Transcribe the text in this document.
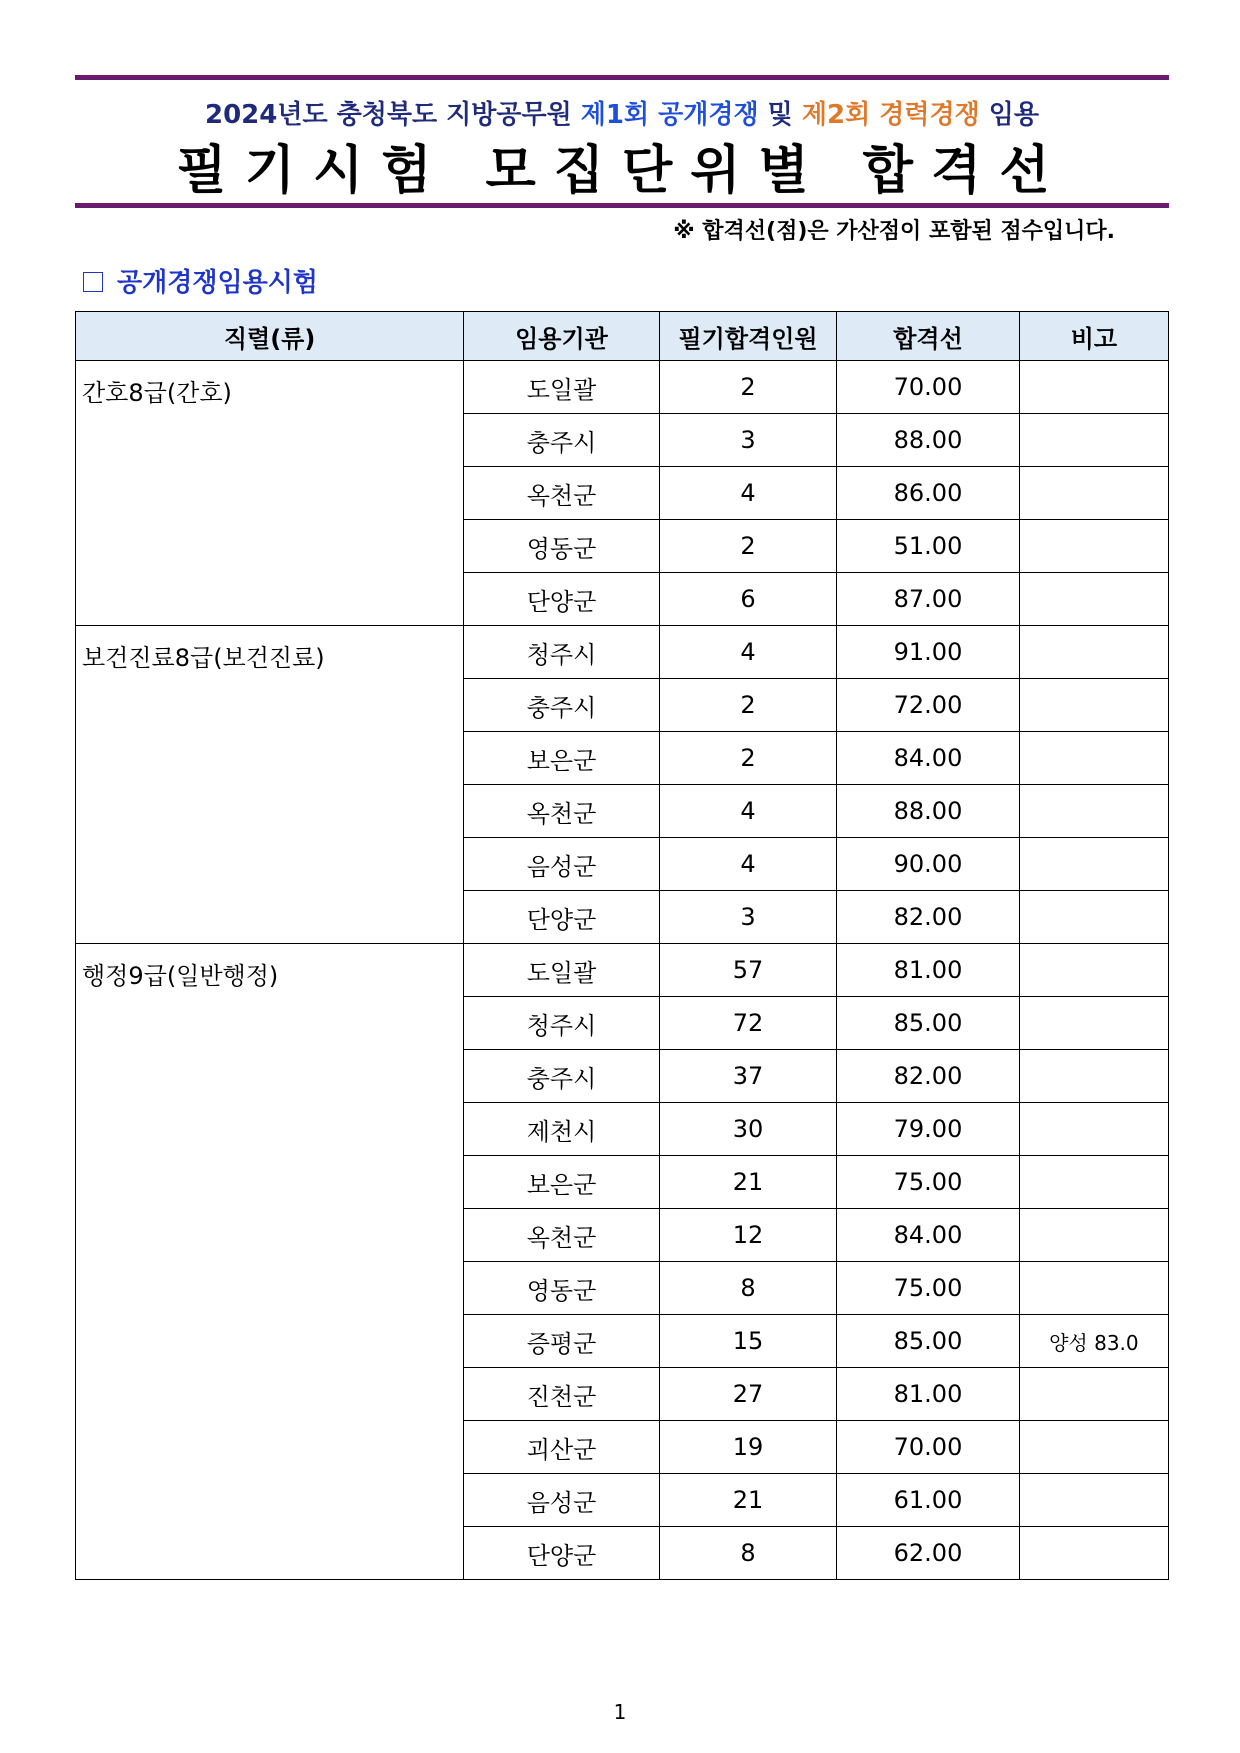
2024년도 충청북도 지방공무원 제1회 공개경쟁 및 제2회 경력경쟁 임용
필기시험 모집단위별 합격선
※ 합격선(점)은 가산점이 포함된 점수입니다.
공개경쟁임용시험
직렬(류)	임용기관	필기합격인원	합격선	비고
간호8급(간호)	도일괄	2	70.00	
	충주시	3	88.00	
	옥천군	4	86.00	
	영동군	2	51.00	
	단양군	6	87.00	
보건진료8급(보건진료)	청주시	4	91.00	
	충주시	2	72.00	
	보은군	2	84.00	
	옥천군	4	88.00	
	음성군	4	90.00	
	단양군	3	82.00	
행정9급(일반행정)	도일괄	57	81.00	
	청주시	72	85.00	
	충주시	37	82.00	
	제천시	30	79.00	
	보은군	21	75.00	
	옥천군	12	84.00	
	영동군	8	75.00	
	증평군	15	85.00	양성 83.0
	진천군	27	81.00	
	괴산군	19	70.00	
	음성군	21	61.00	
	단양군	8	62.00	
1
